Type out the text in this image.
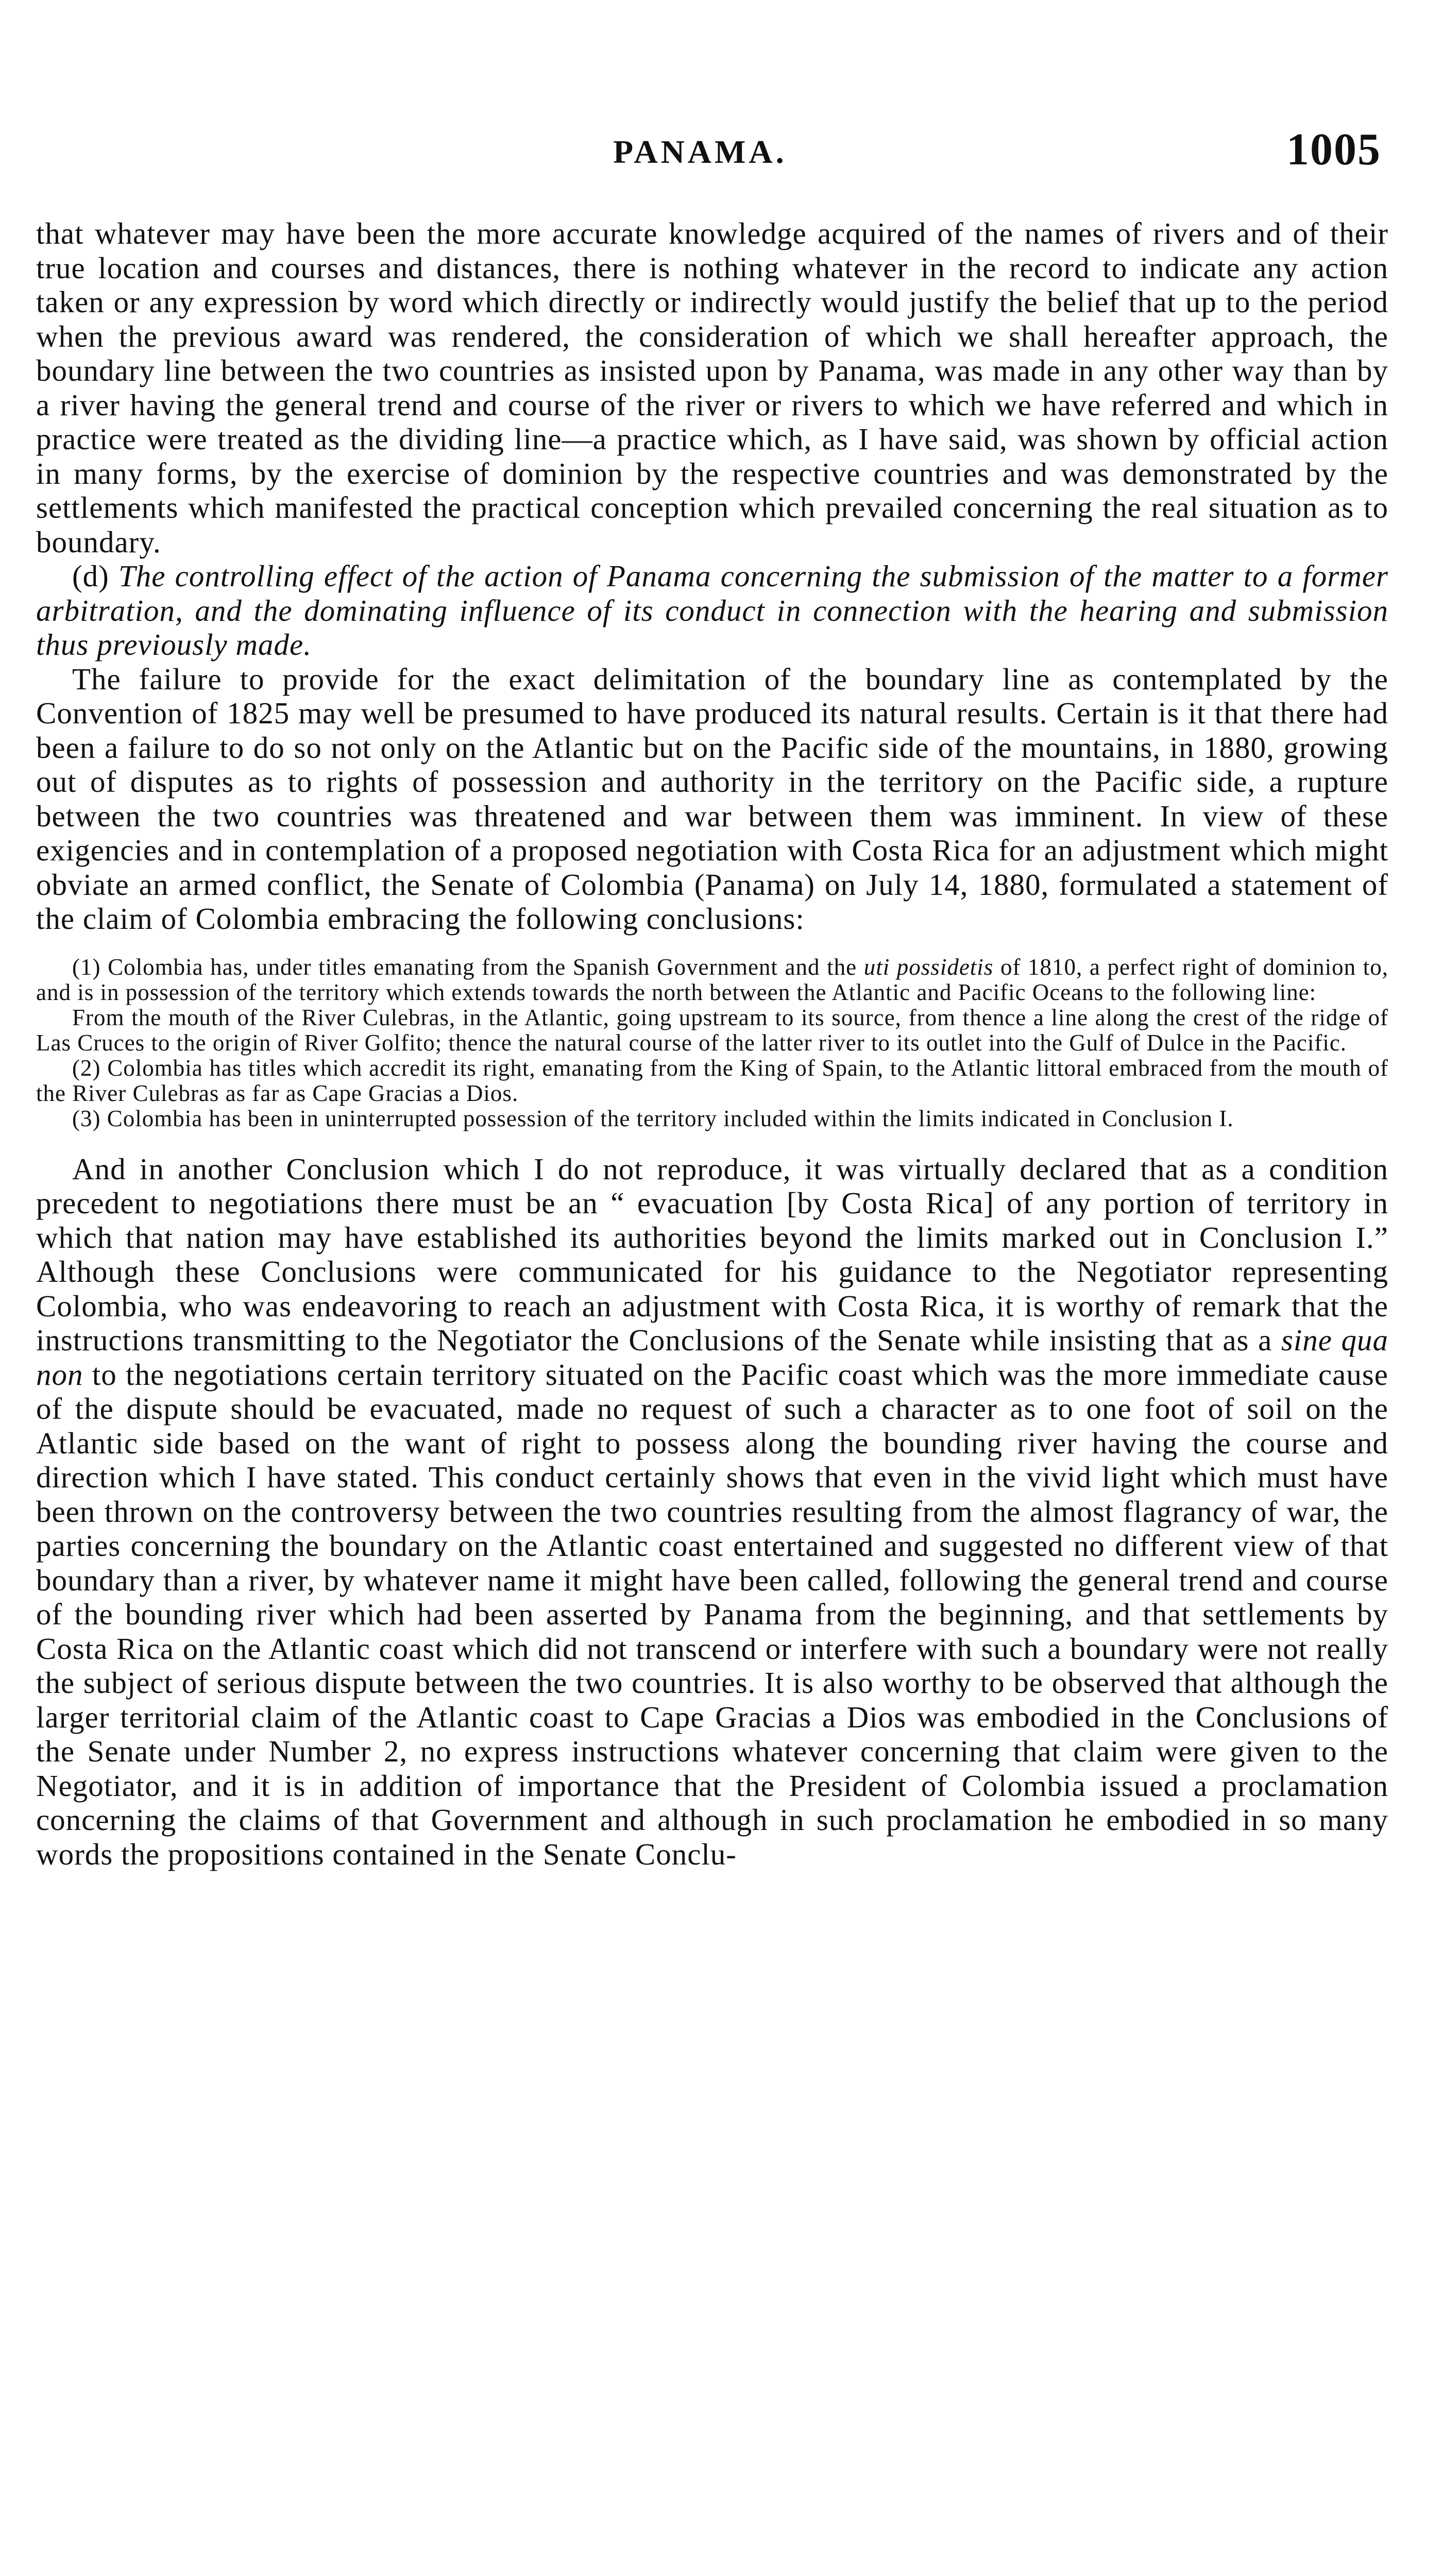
PANAMA.	1005

that whatever may have been the more accurate knowledge acquired of the names of rivers and of their true location and courses and distances, there is nothing whatever in the record to indicate any action taken or any expression by word which directly or indirectly would justify the belief that up to the period when the previous award was rendered, the consideration of which we shall hereafter approach, the boundary line between the two countries as insisted upon by Panama, was made in any other way than by a river having the general trend and course of the river or rivers to which we have referred and which in practice were treated as the dividing line—a practice which, as I have said, was shown by official action in many forms, by the exercise of dominion by the respective countries and was demonstrated by the settlements which manifested the practical conception which prevailed concerning the real situation as to boundary.

(d) The controlling effect of the action of Panama concerning the submission of the matter to a former arbitration, and the dominating influence of its conduct in connection with the hearing and submission thus previously made.

The failure to provide for the exact delimitation of the boundary line as contemplated by the Convention of 1825 may well be presumed to have produced its natural results. Certain is it that there had been a failure to do so not only on the Atlantic but on the Pacific side of the mountains, in 1880, growing out of disputes as to rights of possession and authority in the territory on the Pacific side, a rupture between the two countries was threatened and war between them was imminent. In view of these exigencies and in contemplation of a proposed negotiation with Costa Rica for an adjustment which might obviate an armed conflict, the Senate of Colombia (Panama) on July 14, 1880, formulated a statement of the claim of Colombia embracing the following conclusions:

(1) Colombia has, under titles emanating from the Spanish Government and the uti possidetis of 1810, a perfect right of dominion to, and is in possession of the territory which extends towards the north between the Atlantic and Pacific Oceans to the following line:

From the mouth of the River Culebras, in the Atlantic, going upstream to its source, from thence a line along the crest of the ridge of Las Cruces to the origin of River Golfito; thence the natural course of the latter river to its outlet into the Gulf of Dulce in the Pacific.

(2) Colombia has titles which accredit its right, emanating from the King of Spain, to the Atlantic littoral embraced from the mouth of the River Culebras as far as Cape Gracias a Dios.

(3) Colombia has been in uninterrupted possession of the territory included within the limits indicated in Conclusion I.

And in another Conclusion which I do not reproduce, it was virtually declared that as a condition precedent to negotiations there must be an “ evacuation [by Costa Rica] of any portion of territory in which that nation may have established its authorities beyond the limits marked out in Conclusion I.” Although these Conclusions were communicated for his guidance to the Negotiator representing Colombia, who was endeavoring to reach an adjustment with Costa Rica, it is worthy of remark that the instructions transmitting to the Negotiator the Conclusions of the Senate while insisting that as a sine qua non to the negotiations certain territory situated on the Pacific coast which was the more immediate cause of the dispute should be evacuated, made no request of such a character as to one foot of soil on the Atlantic side based on the want of right to possess along the bounding river having the course and direction which I have stated. This conduct certainly shows that even in the vivid light which must have been thrown on the controversy between the two countries resulting from the almost flagrancy of war, the parties concerning the boundary on the Atlantic coast entertained and suggested no different view of that boundary than a river, by whatever name it might have been called, following the general trend and course of the bounding river which had been asserted by Panama from the beginning, and that settlements by Costa Rica on the Atlantic coast which did not transcend or interfere with such a boundary were not really the subject of serious dispute between the two countries. It is also worthy to be observed that although the larger territorial claim of the Atlantic coast to Cape Gracias a Dios was embodied in the Conclusions of the Senate under Number 2, no express instructions whatever concerning that claim were given to the Negotiator, and it is in addition of importance that the President of Colombia issued a proclamation concerning the claims of that Government and although in such proclamation he embodied in so many words the propositions contained in the Senate Conclu-
